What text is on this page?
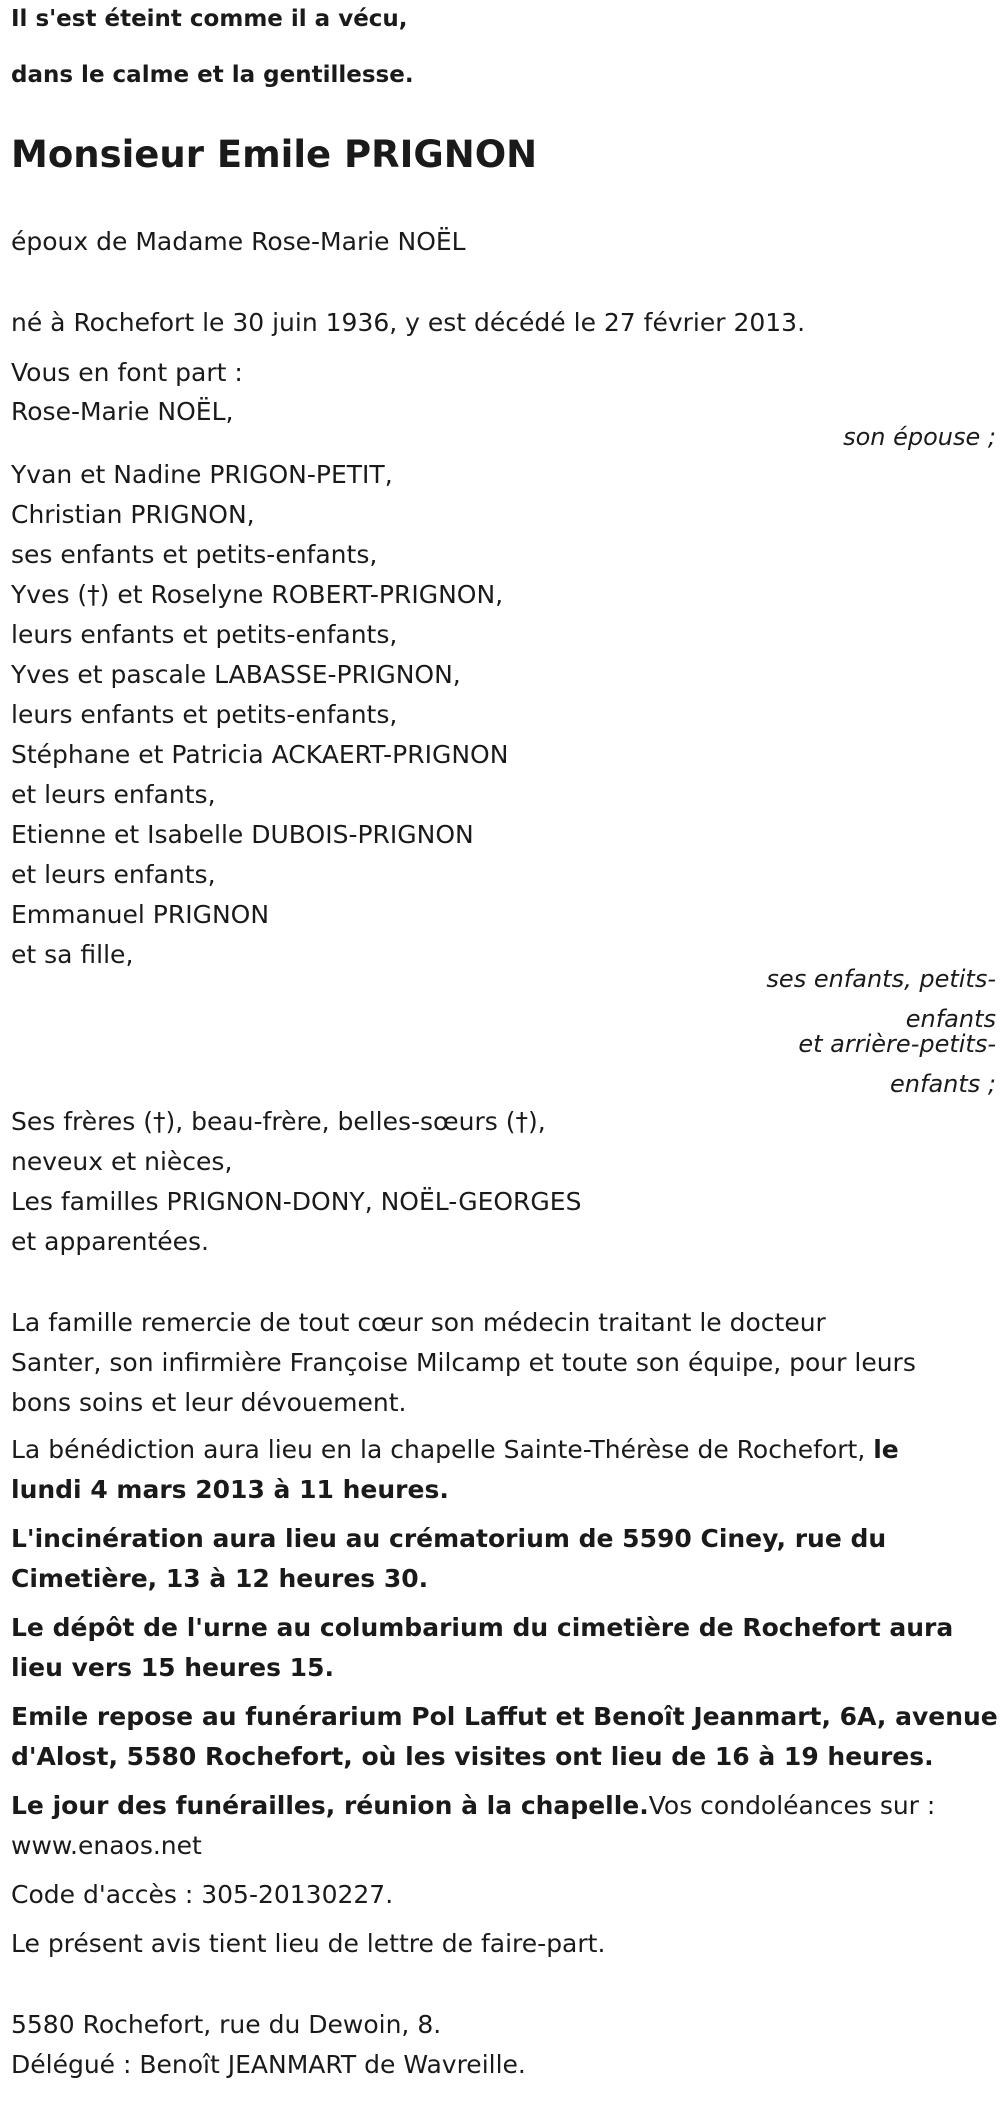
Il s'est éteint comme il a vécu,
dans le calme et la gentillesse.
Monsieur Emile PRIGNON
époux de Madame Rose-Marie NOËL
né à Rochefort le 30 juin 1936, y est décédé le 27 février 2013.
Vous en font part :
Rose-Marie NOËL,
son épouse ;
Yvan et Nadine PRIGON-PETIT,
Christian PRIGNON,
ses enfants et petits-enfants,
Yves (†) et Roselyne ROBERT-PRIGNON,
leurs enfants et petits-enfants,
Yves et pascale LABASSE-PRIGNON,
leurs enfants et petits-enfants,
Stéphane et Patricia ACKAERT-PRIGNON
et leurs enfants,
Etienne et Isabelle DUBOIS-PRIGNON
et leurs enfants,
Emmanuel PRIGNON
et sa fille,
ses enfants, petits-
enfants
et arrière-petits-
enfants ;
Ses frères (†), beau-frère, belles-sœurs (†),
neveux et nièces,
Les familles PRIGNON-DONY, NOËL-GEORGES
et apparentées.
La famille remercie de tout cœur son médecin traitant le docteur
Santer, son infirmière Françoise Milcamp et toute son équipe, pour leurs
bons soins et leur dévouement.
La bénédiction aura lieu en la chapelle Sainte-Thérèse de Rochefort, le
lundi 4 mars 2013 à 11 heures.
L'incinération aura lieu au crématorium de 5590 Ciney, rue du
Cimetière, 13 à 12 heures 30.
Le dépôt de l'urne au columbarium du cimetière de Rochefort aura
lieu vers 15 heures 15.
Emile repose au funérarium Pol Laffut et Benoît Jeanmart, 6A, avenue
d'Alost, 5580 Rochefort, où les visites ont lieu de 16 à 19 heures.
Le jour des funérailles, réunion à la chapelle.Vos condoléances sur :
www.enaos.net
Code d'accès : 305-20130227.
Le présent avis tient lieu de lettre de faire-part.
5580 Rochefort, rue du Dewoin, 8.
Délégué : Benoît JEANMART de Wavreille.
